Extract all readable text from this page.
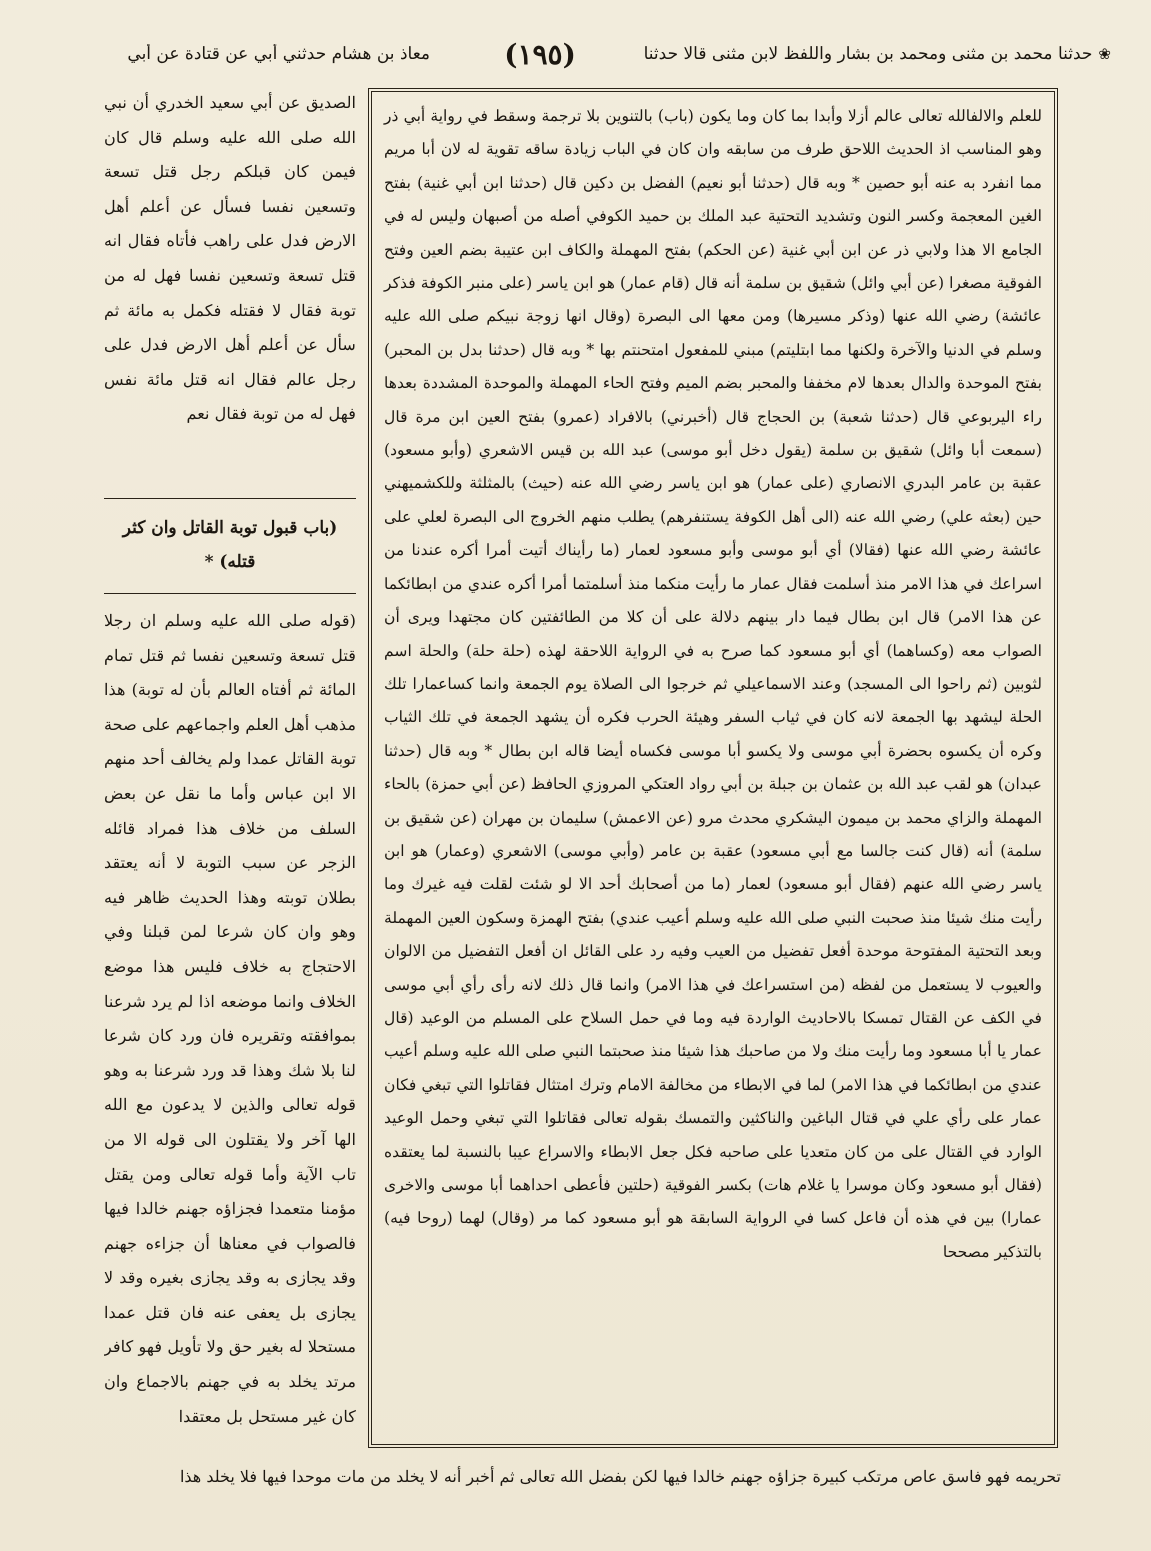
❀حدثنا محمد بن مثنى ومحمد بن بشار واللفظ لابن مثنى قالا حدثنا
(١٩٥)
معاذ بن هشام حدثني أبي عن قتادة عن أبي

للعلم والالفالله تعالى عالم أزلا وأبدا بما كان وما يكون (باب) بالتنوين بلا ترجمة وسقط في رواية أبي ذر وهو المناسب اذ الحديث اللاحق طرف من سابقه وان كان في الباب زيادة ساقه تقوية له لان أبا مريم مما انفرد به عنه أبو حصين * وبه قال (حدثنا أبو نعيم) الفضل بن دكين قال (حدثنا ابن أبي غنية) بفتح الغين المعجمة وكسر النون وتشديد التحتية عبد الملك بن حميد الكوفي أصله من أصبهان وليس له في الجامع الا هذا ولابي ذر عن ابن أبي غنية (عن الحكم) بفتح المهملة والكاف ابن عتيبة بضم العين وفتح الفوقية مصغرا (عن أبي وائل) شقيق بن سلمة أنه قال (قام عمار) هو ابن ياسر (على منبر الكوفة فذكر عائشة) رضي الله عنها (وذكر مسيرها) ومن معها الى البصرة (وقال انها زوجة نبيكم صلى الله عليه وسلم في الدنيا والآخرة ولكنها مما ابتليتم) مبني للمفعول امتحنتم بها * وبه قال (حدثنا بدل بن المحبر) بفتح الموحدة والدال بعدها لام مخففا والمحبر بضم الميم وفتح الحاء المهملة والموحدة المشددة بعدها راء اليربوعي قال (حدثنا شعبة) بن الحجاج قال (أخبرني) بالافراد (عمرو) بفتح العين ابن مرة قال (سمعت أبا وائل) شقيق بن سلمة (يقول دخل أبو موسى) عبد الله بن قيس الاشعري (وأبو مسعود) عقبة بن عامر البدري الانصاري (على عمار) هو ابن ياسر رضي الله عنه (حيث) بالمثلثة وللكشميهني حين (بعثه علي) رضي الله عنه (الى أهل الكوفة يستنفرهم) يطلب منهم الخروج الى البصرة لعلي على عائشة رضي الله عنها (فقالا) أي أبو موسى وأبو مسعود لعمار (ما رأيناك أتيت أمرا أكره عندنا من اسراعك في هذا الامر منذ أسلمت فقال عمار ما رأيت منكما منذ أسلمتما أمرا أكره عندي من ابطائكما عن هذا الامر) قال ابن بطال فيما دار بينهم دلالة على أن كلا من الطائفتين كان مجتهدا ويرى أن الصواب معه (وكساهما) أي أبو مسعود كما صرح به في الرواية اللاحقة لهذه (حلة حلة) والحلة اسم لثوبين (ثم راحوا الى المسجد) وعند الاسماعيلي ثم خرجوا الى الصلاة يوم الجمعة وانما كساعمارا تلك الحلة ليشهد بها الجمعة لانه كان في ثياب السفر وهيئة الحرب فكره أن يشهد الجمعة في تلك الثياب وكره أن يكسوه بحضرة أبي موسى ولا يكسو أبا موسى فكساه أيضا قاله ابن بطال * وبه قال (حدثنا عبدان) هو لقب عبد الله بن عثمان بن جبلة بن أبي رواد العتكي المروزي الحافظ (عن أبي حمزة) بالحاء المهملة والزاي محمد بن ميمون اليشكري محدث مرو (عن الاعمش) سليمان بن مهران (عن شقيق بن سلمة) أنه (قال كنت جالسا مع أبي مسعود) عقبة بن عامر (وأبي موسى) الاشعري (وعمار) هو ابن ياسر رضي الله عنهم (فقال أبو مسعود) لعمار (ما من أصحابك أحد الا لو شئت لقلت فيه غيرك وما رأيت منك شيئا منذ صحبت النبي صلى الله عليه وسلم أعيب عندي) بفتح الهمزة وسكون العين المهملة وبعد التحتية المفتوحة موحدة أفعل تفضيل من العيب وفيه رد على القائل ان أفعل التفضيل من الالوان والعيوب لا يستعمل من لفظه (من استسراعك في هذا الامر) وانما قال ذلك لانه رأى رأي أبي موسى في الكف عن القتال تمسكا بالاحاديث الواردة فيه وما في حمل السلاح على المسلم من الوعيد (قال عمار يا أبا مسعود وما رأيت منك ولا من صاحبك هذا شيئا منذ صحبتما النبي صلى الله عليه وسلم أعيب عندي من ابطائكما في هذا الامر) لما في الابطاء من مخالفة الامام وترك امتثال فقاتلوا التي تبغي فكان عمار على رأي علي في قتال الباغين والناكثين والتمسك بقوله تعالى فقاتلوا التي تبغي وحمل الوعيد الوارد في القتال على من كان متعديا على صاحبه فكل جعل الابطاء والاسراع عيبا بالنسبة لما يعتقده (فقال أبو مسعود وكان موسرا يا غلام هات) بكسر الفوقية (حلتين فأعطى احداهما أبا موسى والاخرى عمارا) بين في هذه أن فاعل كسا في الرواية السابقة هو أبو مسعود كما مر (وقال) لهما (روحا فيه) بالتذكير مصححا

الصديق عن أبي سعيد الخدري أن نبي الله صلى الله عليه وسلم قال كان فيمن كان قبلكم رجل قتل تسعة وتسعين نفسا فسأل عن أعلم أهل الارض فدل على راهب فأتاه فقال انه قتل تسعة وتسعين نفسا فهل له من توبة فقال لا فقتله فكمل به مائة ثم سأل عن أعلم أهل الارض فدل على رجل عالم فقال انه قتل مائة نفس فهل له من توبة فقال نعم

(باب قبول توبة القاتل وان كثر قتله) *

(قوله صلى الله عليه وسلم ان رجلا قتل تسعة وتسعين نفسا ثم قتل تمام المائة ثم أفتاه العالم بأن له توبة) هذا مذهب أهل العلم واجماعهم على صحة توبة القاتل عمدا ولم يخالف أحد منهم الا ابن عباس وأما ما نقل عن بعض السلف من خلاف هذا فمراد قائله الزجر عن سبب التوبة لا أنه يعتقد بطلان توبته وهذا الحديث ظاهر فيه وهو وان كان شرعا لمن قبلنا وفي الاحتجاج به خلاف فليس هذا موضع الخلاف وانما موضعه اذا لم يرد شرعنا بموافقته وتقريره فان ورد كان شرعا لنا بلا شك وهذا قد ورد شرعنا به وهو قوله تعالى والذين لا يدعون مع الله الها آخر ولا يقتلون الى قوله الا من تاب الآية وأما قوله تعالى ومن يقتل مؤمنا متعمدا فجزاؤه جهنم خالدا فيها فالصواب في معناها أن جزاءه جهنم وقد يجازى به وقد يجازى بغيره وقد لا يجازى بل يعفى عنه فان قتل عمدا مستحلا له بغير حق ولا تأويل فهو كافر مرتد يخلد به في جهنم بالاجماع وان كان غير مستحل بل معتقدا

تحريمه فهو فاسق عاص مرتكب كبيرة جزاؤه جهنم خالدا فيها لكن بفضل الله تعالى ثم أخبر أنه لا يخلد من مات موحدا فيها فلا يخلد هذا
